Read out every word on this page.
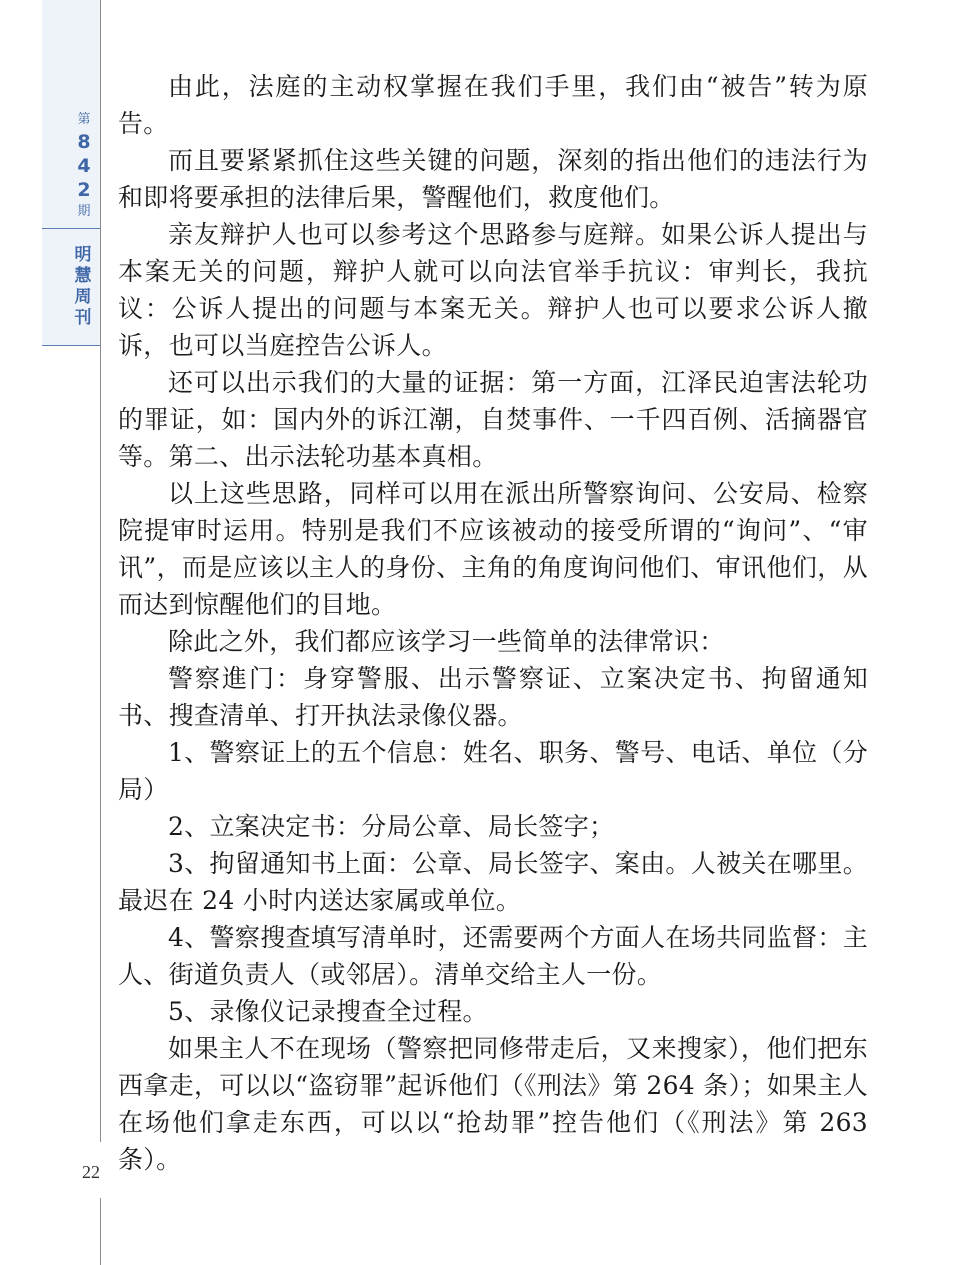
第
8
4
2
期
明
慧
周
刊
22

由此，法庭的主动权掌握在我们手里，我们由“被告”转为原告。

而且要紧紧抓住这些关键的问题，深刻的指出他们的违法行为和即将要承担的法律后果，警醒他们，救度他们。

亲友辩护人也可以参考这个思路参与庭辩。如果公诉人提出与本案无关的问题，辩护人就可以向法官举手抗议：审判长，我抗议：公诉人提出的问题与本案无关。辩护人也可以要求公诉人撤诉，也可以当庭控告公诉人。

还可以出示我们的大量的证据：第一方面，江泽民迫害法轮功的罪证，如：国内外的诉江潮，自焚事件、一千四百例、活摘器官等。第二、出示法轮功基本真相。

以上这些思路，同样可以用在派出所警察询问、公安局、检察院提审时运用。特别是我们不应该被动的接受所谓的“询问”、“审讯”，而是应该以主人的身份、主角的角度询问他们、审讯他们，从而达到惊醒他们的目地。

除此之外，我们都应该学习一些简单的法律常识：

警察進门：身穿警服、出示警察证、立案决定书、拘留通知书、搜查清单、打开执法录像仪器。

1、警察证上的五个信息：姓名、职务、警号、电话、单位（分局）

2、立案决定书：分局公章、局长签字；

3、拘留通知书上面：公章、局长签字、案由。人被关在哪里。最迟在 24 小时内送达家属或单位。

4、警察搜查填写清单时，还需要两个方面人在场共同监督：主人、街道负责人（或邻居）。清单交给主人一份。

5、录像仪记录搜查全过程。

如果主人不在现场（警察把同修带走后，又来搜家），他们把东西拿走，可以以“盗窃罪”起诉他们（《刑法》第 264 条）；如果主人在场他们拿走东西，可以以“抢劫罪”控告他们（《刑法》第 263 条）。
